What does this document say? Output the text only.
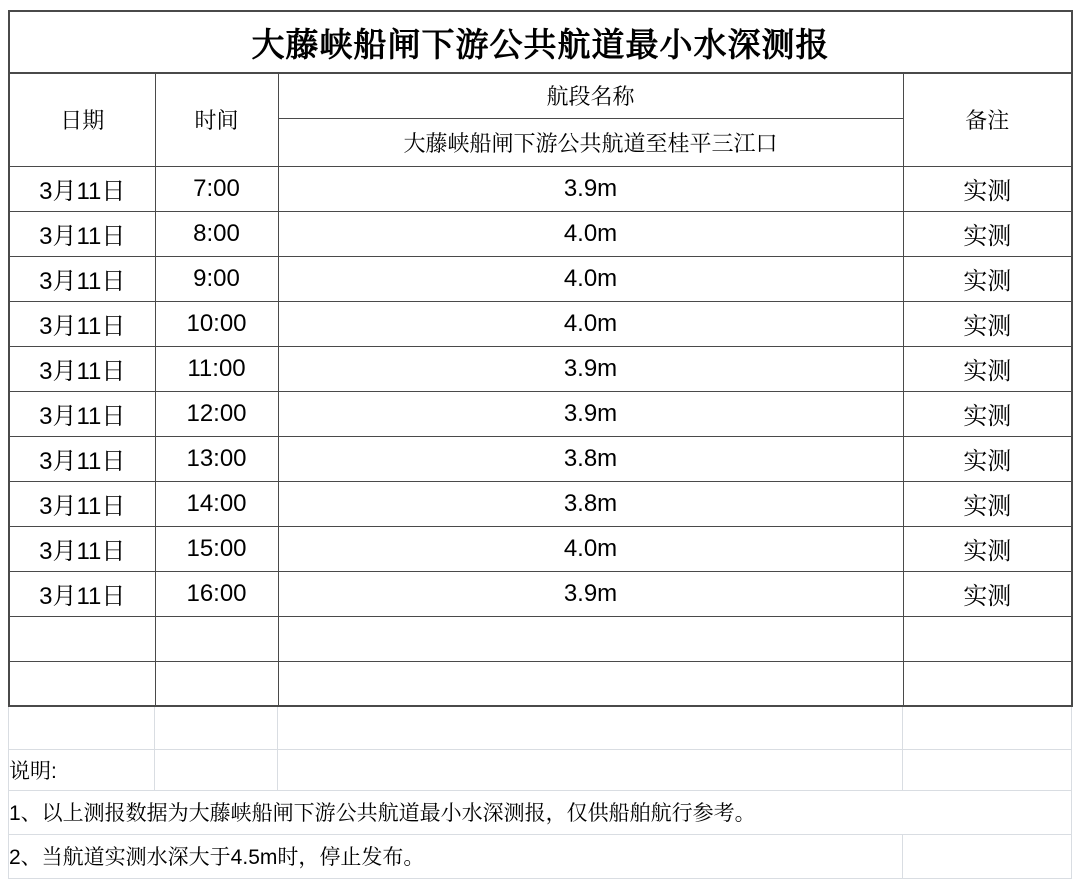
大藤峡船闸下游公共航道最小水深测报			
日期	时间	航段名称	备注
		大藤峡船闸下游公共航道至桂平三江口	
3月11日	7:00	3.9m	实测
3月11日	8:00	4.0m	实测
3月11日	9:00	4.0m	实测
3月11日	10:00	4.0m	实测
3月11日	11:00	3.9m	实测
3月11日	12:00	3.9m	实测
3月11日	13:00	3.8m	实测
3月11日	14:00	3.8m	实测
3月11日	15:00	4.0m	实测
3月11日	16:00	3.9m	实测

说明:			
1、以上测报数据为大藤峡船闸下游公共航道最小水深测报，仅供船舶航行参考。			
2、当航道实测水深大于4.5m时，停止发布。			
